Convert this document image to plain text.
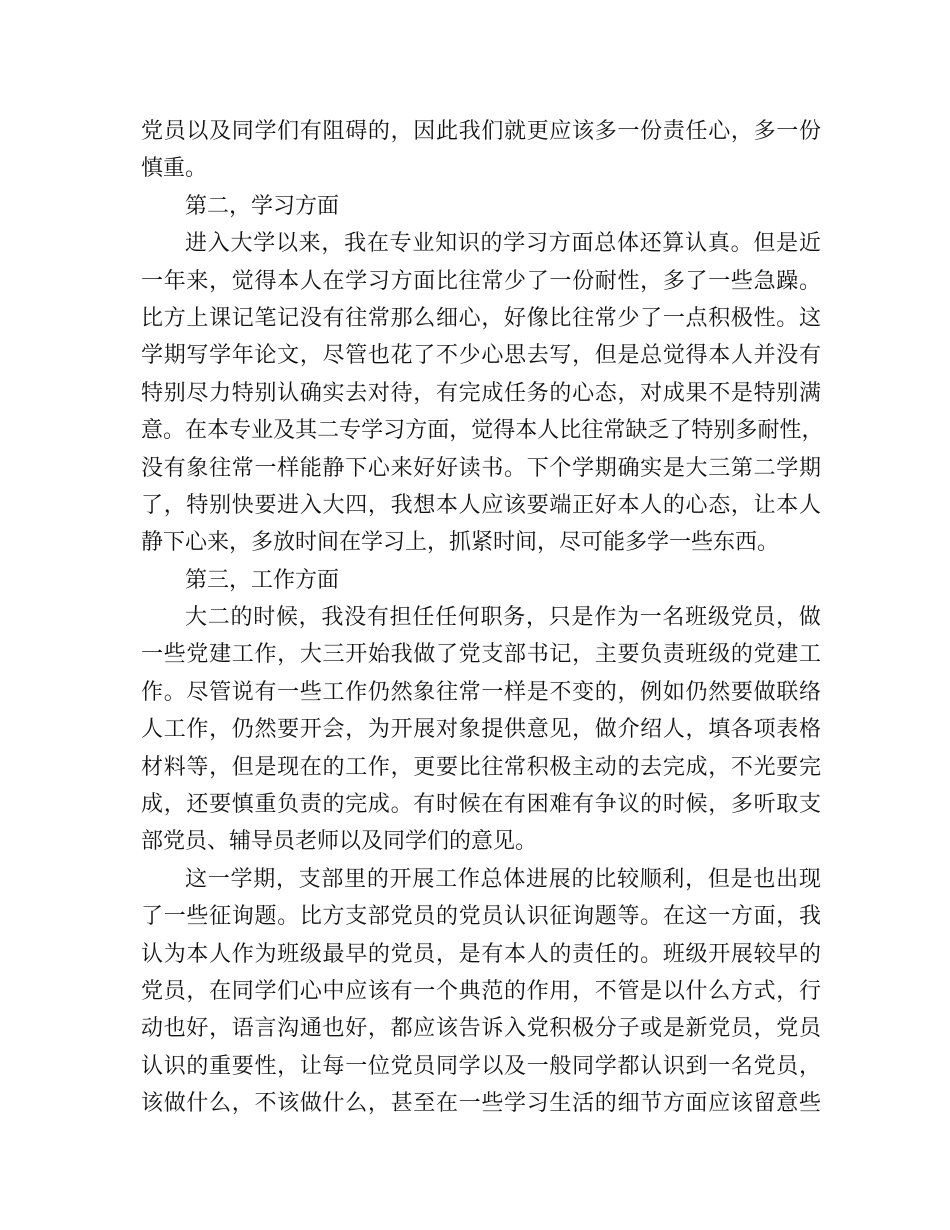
党 员 以 及 同 学 们 有 阻 碍 的 ， 因 此 我 们 就 更 应 该 多 一 份 责 任 心 ， 多 一 份
慎重。
第二，学习方面
进 入 大 学 以 来 ， 我 在 专 业 知 识 的 学 习 方 面 总 体 还 算 认 真 。 但 是 近
一 年 来 ， 觉 得 本 人 在 学 习 方 面 比 往 常 少 了 一 份 耐 性 ， 多 了 一 些 急 躁 。
比 方 上 课 记 笔 记 没 有 往 常 那 么 细 心 ， 好 像 比 往 常 少 了 一 点 积 极 性 。 这
学 期 写 学 年 论 文 ， 尽 管 也 花 了 不 少 心 思 去 写 ， 但 是 总 觉 得 本 人 并 没 有
特 别 尽 力 特 别 认 确 实 去 对 待 ， 有 完 成 任 务 的 心 态 ， 对 成 果 不 是 特 别 满
意 。 在 本 专 业 及 其 二 专 学 习 方 面 ， 觉 得 本 人 比 往 常 缺 乏 了 特 别 多 耐 性 ，
没 有 象 往 常 一 样 能 静 下 心 来 好 好 读 书 。 下 个 学 期 确 实 是 大 三 第 二 学 期
了 ， 特 别 快 要 进 入 大 四 ， 我 想 本 人 应 该 要 端 正 好 本 人 的 心 态 ， 让 本 人
静下心来，多放时间在学习上，抓紧时间，尽可能多学一些东西。
第三，工作方面
大 二 的 时 候 ， 我 没 有 担 任 任 何 职 务 ， 只 是 作 为 一 名 班 级 党 员 ， 做
一 些 党 建 工 作 ， 大 三 开 始 我 做 了 党 支 部 书 记 ， 主 要 负 责 班 级 的 党 建 工
作 。 尽 管 说 有 一 些 工 作 仍 然 象 往 常 一 样 是 不 变 的 ， 例 如 仍 然 要 做 联 络
人 工 作 ， 仍 然 要 开 会 ， 为 开 展 对 象 提 供 意 见 ， 做 介 绍 人 ， 填 各 项 表 格
材 料 等 ， 但 是 现 在 的 工 作 ， 更 要 比 往 常 积 极 主 动 的 去 完 成 ， 不 光 要 完
成 ， 还 要 慎 重 负 责 的 完 成 。 有 时 候 在 有 困 难 有 争 议 的 时 候 ， 多 听 取 支
部党员、辅导员老师以及同学们的意见。
这 一 学 期 ， 支 部 里 的 开 展 工 作 总 体 进 展 的 比 较 顺 利 ， 但 是 也 出 现
了 一 些 征 询 题 。 比 方 支 部 党 员 的 党 员 认 识 征 询 题 等 。 在 这 一 方 面 ， 我
认 为 本 人 作 为 班 级 最 早 的 党 员 ， 是 有 本 人 的 责 任 的 。 班 级 开 展 较 早 的
党 员 ， 在 同 学 们 心 中 应 该 有 一 个 典 范 的 作 用 ， 不 管 是 以 什 么 方 式 ， 行
动 也 好 ， 语 言 沟 通 也 好 ， 都 应 该 告 诉 入 党 积 极 分 子 或 是 新 党 员 ， 党 员
认 识 的 重 要 性 ， 让 每 一 位 党 员 同 学 以 及 一 般 同 学 都 认 识 到 一 名 党 员 ，
该 做 什 么 ， 不 该 做 什 么 ， 甚 至 在 一 些 学 习 生 活 的 细 节 方 面 应 该 留 意 些
